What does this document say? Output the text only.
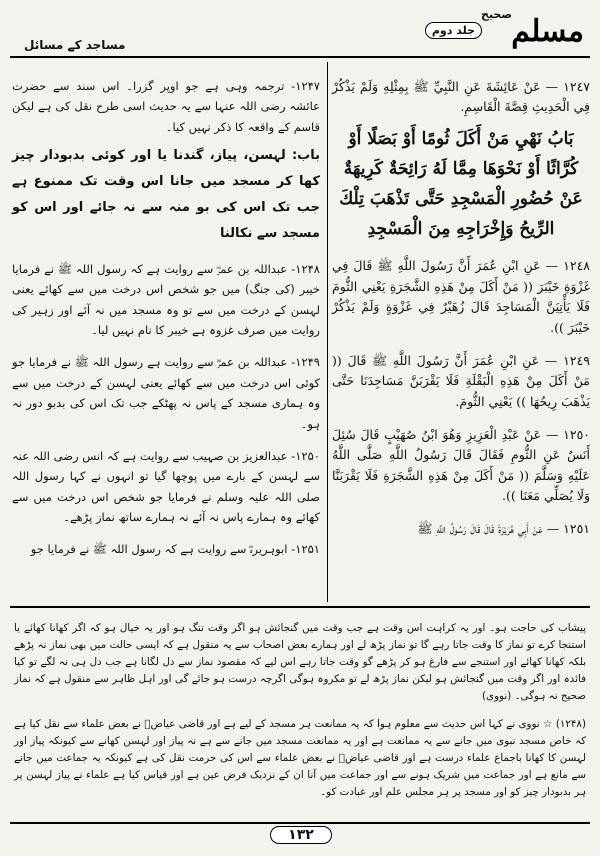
صحیح مسلم
جلد دوم
مساجد کے مسائل

١٢٤٧ — عَنْ عَائِشَةَ عَنِ النَّبِيِّ ﷺ بِمِثْلِهِ وَلَمْ يَذْكُرْ فِي الْحَدِيثِ قِصَّةَ الْقَاسِمِ.

بَابُ نَهْيِ مَنْ أَكَلَ ثُومًا أَوْ بَصَلًا أَوْ كُرَّاثًا أَوْ نَحْوَهَا مِمَّا لَهُ رَائِحَةٌ كَرِيهَةٌ عَنْ حُضُورِ الْمَسْجِدِ حَتَّى تَذْهَبَ تِلْكَ الرِّيحُ وَإِخْرَاجِهِ مِنَ الْمَسْجِدِ

١٢٤٨ — عَنِ ابْنِ عُمَرَ أَنَّ رَسُولَ اللَّهِ ﷺ قَالَ فِي غَزْوَةِ خَيْبَرَ (( مَنْ أَكَلَ مِنْ هَذِهِ الشَّجَرَةِ يَعْنِي الثُّومَ فَلَا يَأْتِيَنَّ الْمَسَاجِدَ قَالَ زُهَيْرٌ فِي غَزْوَةٍ وَلَمْ يَذْكُرْ خَيْبَرَ )).

١٢٤٩ — عَنِ ابْنِ عُمَرَ أَنَّ رَسُولَ اللَّهِ ﷺ قَالَ (( مَنْ أَكَلَ مِنْ هَذِهِ الْبَقْلَةِ فَلَا يَقْرَبَنَّ مَسَاجِدَنَا حَتَّى يَذْهَبَ رِيحُهَا )) يَعْنِي الثُّومَ.

١٢٥٠ — عَنْ عَبْدِ الْعَزِيزِ وَهُوَ ابْنُ صُهَيْبٍ قَالَ سُئِلَ أَنَسٌ عَنِ الثُّومِ فَقَالَ قَالَ رَسُولُ اللَّهِ صَلَّى اللَّهُ عَلَيْهِ وَسَلَّمَ (( مَنْ أَكَلَ مِنْ هَذِهِ الشَّجَرَةِ فَلَا يَقْرَبَنَّا وَلَا يُصَلِّي مَعَنَا )).

١٢٥١ — عَنْ أَبِي هُرَيْرَةَ قَالَ قَالَ رَسُولُ اللَّهِ ﷺ

۱۲۴۷- ترجمہ وہی ہے جو اوپر گزرا۔ اس سند سے حضرت عائشہ رضی اللہ عنہا سے یہ حدیث اسی طرح نقل کی ہے لیکن قاسم کے واقعہ کا ذکر نہیں کیا۔

باب: لہسن، پیاز، گندنا یا اور کوئی بدبودار چیز کھا کر مسجد میں جانا اس وقت تک ممنوع ہے جب تک اس کی بو منہ سے نہ جائے اور اس کو مسجد سے نکالنا

۱۲۴۸- عبداللہ بن عمرؓ سے روایت ہے کہ رسول اللہ ﷺ نے فرمایا خیبر (کی جنگ) میں جو شخص اس درخت میں سے کھائے یعنی لہسن کے درخت میں سے تو وہ مسجد میں نہ آئے اور زہیر کی روایت میں صرف غزوہ ہے خیبر کا نام نہیں لیا۔

۱۲۴۹- عبداللہ بن عمرؓ سے روایت ہے رسول اللہ ﷺ نے فرمایا جو کوئی اس درخت میں سے کھائے یعنی لہسن کے درخت میں سے وہ ہماری مسجد کے پاس نہ پھٹکے جب تک اس کی بدبو دور نہ ہو۔

۱۲۵۰- عبدالعزیز بن صہیب سے روایت ہے کہ انس رضی اللہ عنہ سے لہسن کے بارے میں پوچھا گیا تو انہوں نے کہا رسول اللہ صلی اللہ علیہ وسلم نے فرمایا جو شخص اس درخت میں سے کھائے وہ ہمارے پاس نہ آئے نہ ہمارے ساتھ نماز پڑھے۔

۱۲۵۱- ابوہریرہؓ سے روایت ہے کہ رسول اللہ ﷺ نے فرمایا جو

پیشاب کی حاجت ہو۔ اور یہ کراہت اس وقت ہے جب وقت میں گنجائش ہو اگر وقت تنگ ہو اور یہ خیال ہو کہ اگر کھانا کھائے یا استنجا کرے تو نماز کا وقت جاتا رہے گا تو نماز پڑھ لے اور ہمارے بعض اصحاب سے یہ منقول ہے کہ ایسی حالت میں بھی نماز نہ پڑھے بلکہ کھانا کھائے اور استنجے سے فارغ ہو کر پڑھے گو وقت جاتا رہے اس لیے کہ مقصود نماز سے دل لگانا ہے جب دل ہی نہ لگے تو کیا فائدہ اور اگر وقت میں گنجائش ہو لیکن نماز پڑھ لے تو مکروہ ہوگی اگرچہ درست ہو جائے گی اور اہل ظاہر سے منقول ہے کہ نماز صحیح نہ ہوگی۔ (نووی)

(۱۲۴۸) ☆ نووی نے کہا اس حدیث سے معلوم ہوا کہ یہ ممانعت ہر مسجد کے لیے ہے اور قاضی عیاضؒ نے بعض علماء سے نقل کیا ہے کہ خاص مسجد نبوی میں جانے سے یہ ممانعت ہے اور یہ ممانعت مسجد میں جانے سے ہے نہ پیاز اور لہسن کھانے سے کیونکہ پیاز اور لہسن کا کھانا باجماع علماء درست ہے اور قاضی عیاضؒ نے بعض علماء سے اس کی حرمت نقل کی ہے کیونکہ یہ جماعت میں جانے سے مانع ہے اور جماعت میں شریک ہونے سے اور جماعت میں آنا ان کے نزدیک فرض عین ہے اور قیاس کیا ہے علماء نے پیاز لہسن پر ہر بدبودار چیز کو اور مسجد پر ہر مجلس علم اور عبادت کو۔

۱۳۲
